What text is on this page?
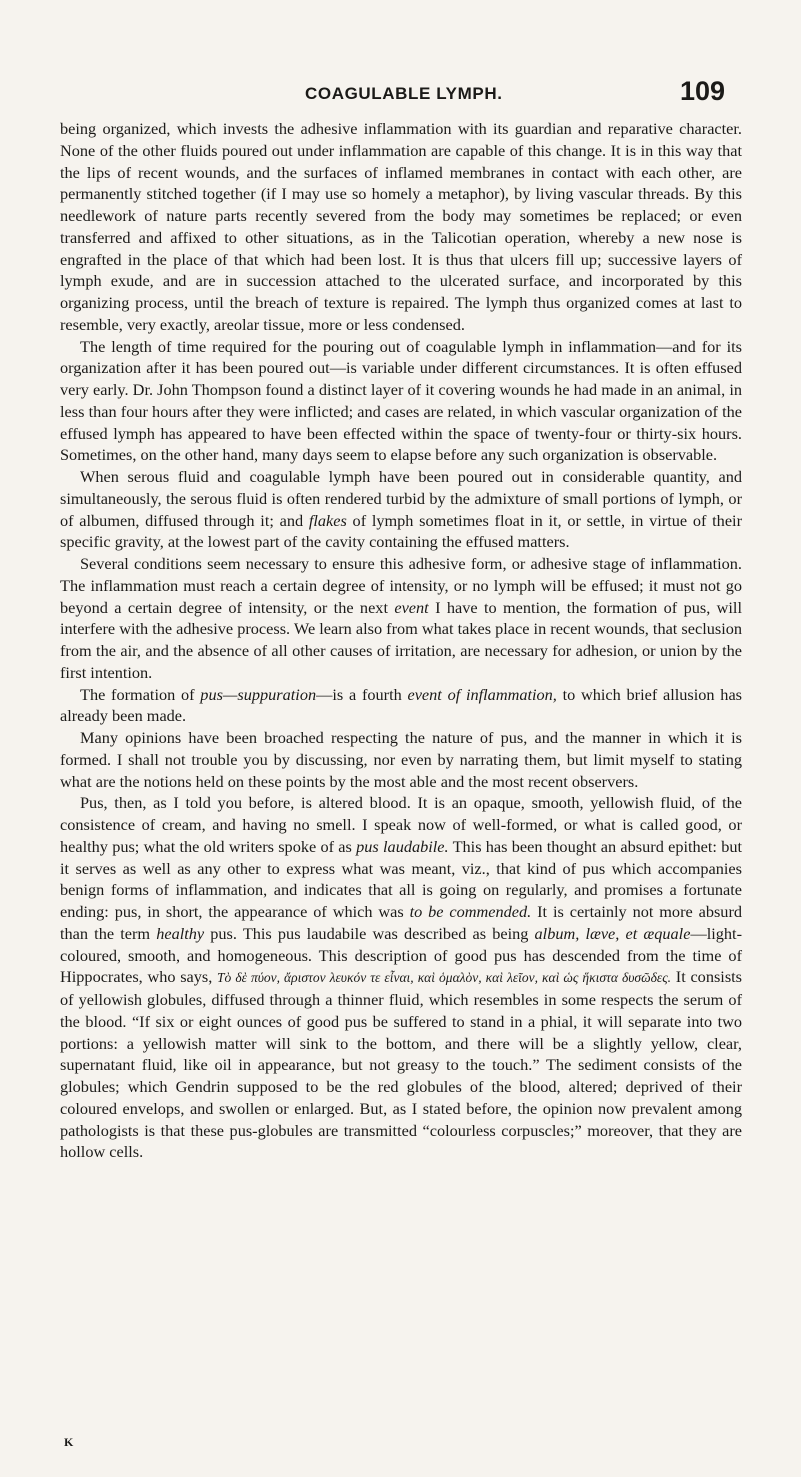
COAGULABLE LYMPH.	109

being organized, which invests the adhesive inflammation with its guardian and reparative character. None of the other fluids poured out under inflammation are capable of this change. It is in this way that the lips of recent wounds, and the surfaces of inflamed membranes in contact with each other, are permanently stitched together (if I may use so homely a metaphor), by living vascular threads. By this needlework of nature parts recently severed from the body may sometimes be replaced; or even transferred and affixed to other situations, as in the Talicotian operation, whereby a new nose is engrafted in the place of that which had been lost. It is thus that ulcers fill up; successive layers of lymph exude, and are in succession attached to the ulcerated surface, and incorporated by this organizing process, until the breach of texture is repaired. The lymph thus organized comes at last to resemble, very exactly, areolar tissue, more or less condensed.

The length of time required for the pouring out of coagulable lymph in inflammation—and for its organization after it has been poured out—is variable under different circumstances. It is often effused very early. Dr. John Thompson found a distinct layer of it covering wounds he had made in an animal, in less than four hours after they were inflicted; and cases are related, in which vascular organization of the effused lymph has appeared to have been effected within the space of twenty-four or thirty-six hours. Sometimes, on the other hand, many days seem to elapse before any such organization is observable.

When serous fluid and coagulable lymph have been poured out in considerable quantity, and simultaneously, the serous fluid is often rendered turbid by the admixture of small portions of lymph, or of albumen, diffused through it; and flakes of lymph sometimes float in it, or settle, in virtue of their specific gravity, at the lowest part of the cavity containing the effused matters.

Several conditions seem necessary to ensure this adhesive form, or adhesive stage of inflammation. The inflammation must reach a certain degree of intensity, or no lymph will be effused; it must not go beyond a certain degree of intensity, or the next event I have to mention, the formation of pus, will interfere with the adhesive process. We learn also from what takes place in recent wounds, that seclusion from the air, and the absence of all other causes of irritation, are necessary for adhesion, or union by the first intention.

The formation of pus—suppuration—is a fourth event of inflammation, to which brief allusion has already been made.

Many opinions have been broached respecting the nature of pus, and the manner in which it is formed. I shall not trouble you by discussing, nor even by narrating them, but limit myself to stating what are the notions held on these points by the most able and the most recent observers.

Pus, then, as I told you before, is altered blood. It is an opaque, smooth, yellowish fluid, of the consistence of cream, and having no smell. I speak now of well-formed, or what is called good, or healthy pus; what the old writers spoke of as pus laudabile. This has been thought an absurd epithet: but it serves as well as any other to express what was meant, viz., that kind of pus which accompanies benign forms of inflammation, and indicates that all is going on regularly, and promises a fortunate ending: pus, in short, the appearance of which was to be commended. It is certainly not more absurd than the term healthy pus. This pus laudabile was described as being album, læve, et æquale—light-coloured, smooth, and homogeneous. This description of good pus has descended from the time of Hippocrates, who says, Τὸ δὲ πύον, ἄριστον λευκόν τε εἶναι, καὶ ὁμαλὸν, καὶ λεῖον, καὶ ὡς ἥκιστα δυσῶδες. It consists of yellowish globules, diffused through a thinner fluid, which resembles in some respects the serum of the blood. “If six or eight ounces of good pus be suffered to stand in a phial, it will separate into two portions: a yellowish matter will sink to the bottom, and there will be a slightly yellow, clear, supernatant fluid, like oil in appearance, but not greasy to the touch.” The sediment consists of the globules; which Gendrin supposed to be the red globules of the blood, altered; deprived of their coloured envelops, and swollen or enlarged. But, as I stated before, the opinion now prevalent among pathologists is that these pus-globules are transmitted “colourless corpuscles;” moreover, that they are hollow cells.

K
